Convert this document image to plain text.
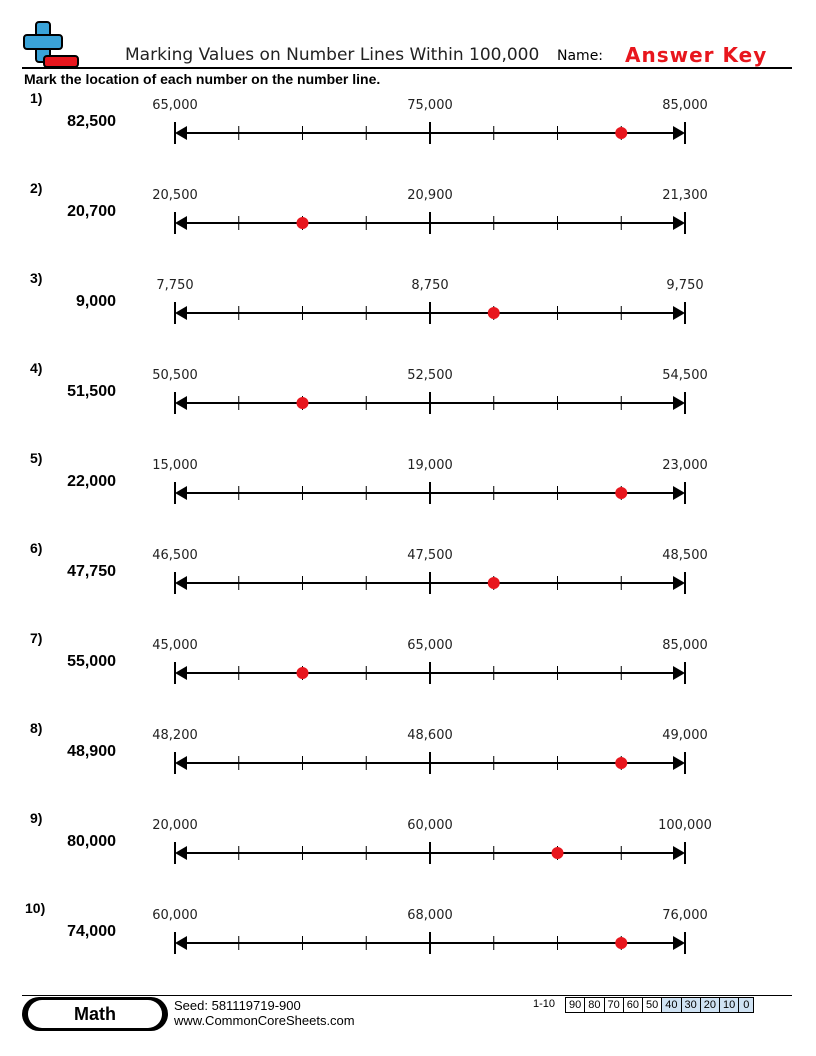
Marking Values on Number Lines Within 100,000 Name: Answer Key
Mark the location of each number on the number line.
1)
82,500
65,000	75,000	85,000
2)
20,700
20,500	20,900	21,300
3)
9,000
7,750	8,750	9,750
4)
51,500
50,500	52,500	54,500
5)
22,000
15,000	19,000	23,000
6)
47,750
46,500	47,500	48,500
7)
55,000
45,000	65,000	85,000
8)
48,900
48,200	48,600	49,000
9)
80,000
20,000	60,000	100,000
10)
74,000
60,000	68,000	76,000
Math	Seed: 581119719-900
www.CommonCoreSheets.com
1-10 90 80 70 60 50 40 30 20 10 0
